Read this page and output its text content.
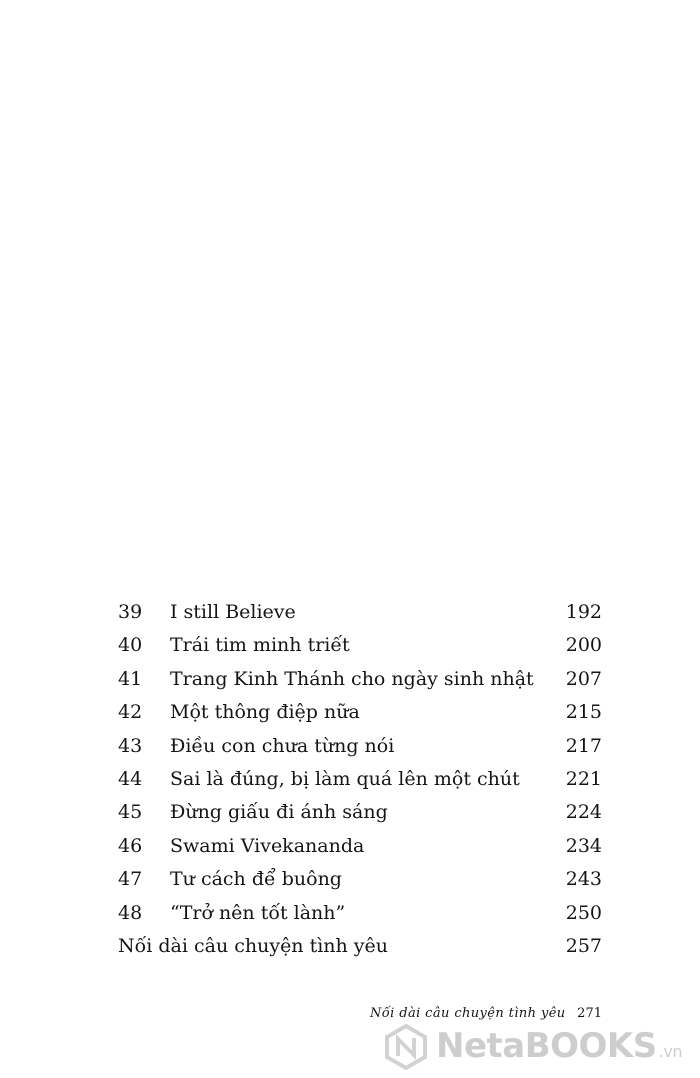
39 I still Believe	192
40 Trái tim minh triết	200
41 Trang Kinh Thánh cho ngày sinh nhật 207
42 Một thông điệp nữa	215
43 Điều con chưa từng nói	217
44 Sai là đúng, bị làm quá lên một chút 221
45 Đừng giấu đi ánh sáng	224
46 Swami Vivekananda	234
47 Tư cách để buông	243
48 “Trở nên tốt lành”	250
Nối dài câu chuyện tình yêu	257
Nối dài câu chuyện tình yêu 271
NetaBOOKS .vn
